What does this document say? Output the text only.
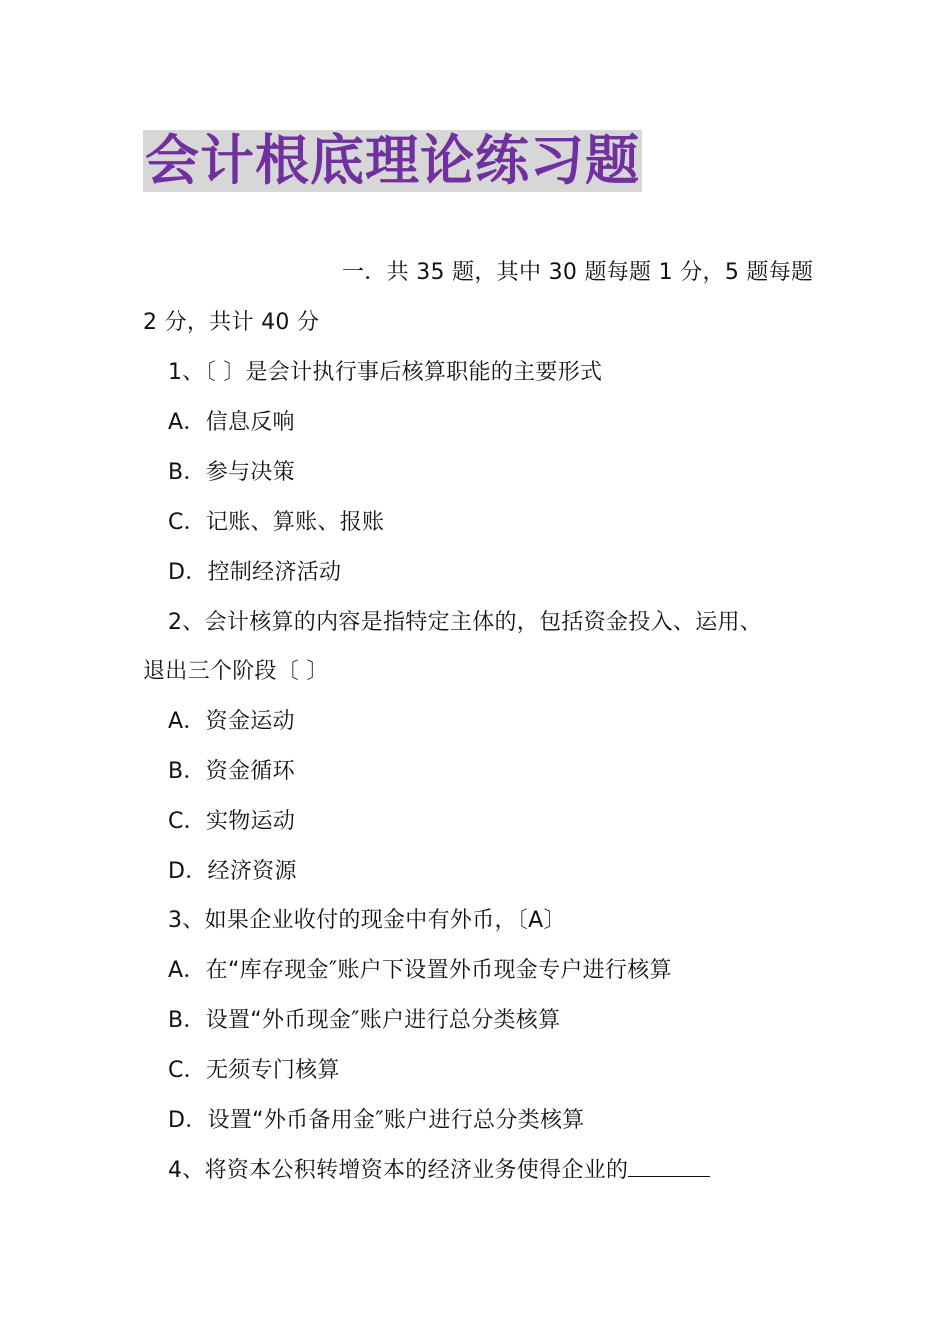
会计根底理论练习题
一．共 35 题，其中 30 题每题 1 分，5 题每题
2 分，共计 40 分
1、〔 〕是会计执行事后核算职能的主要形式
A．信息反响
B．参与决策
C．记账、算账、报账
D．控制经济活动
2、会计核算的内容是指特定主体的，包括资金投入、运用、
退出三个阶段〔 〕
A．资金运动
B．资金循环
C．实物运动
D．经济资源
3、如果企业收付的现金中有外币，〔A〕
A．在“库存现金″账户下设置外币现金专户进行核算
B．设置“外币现金″账户进行总分类核算
C．无须专门核算
D．设置“外币备用金″账户进行总分类核算
4、将资本公积转增资本的经济业务使得企业的
